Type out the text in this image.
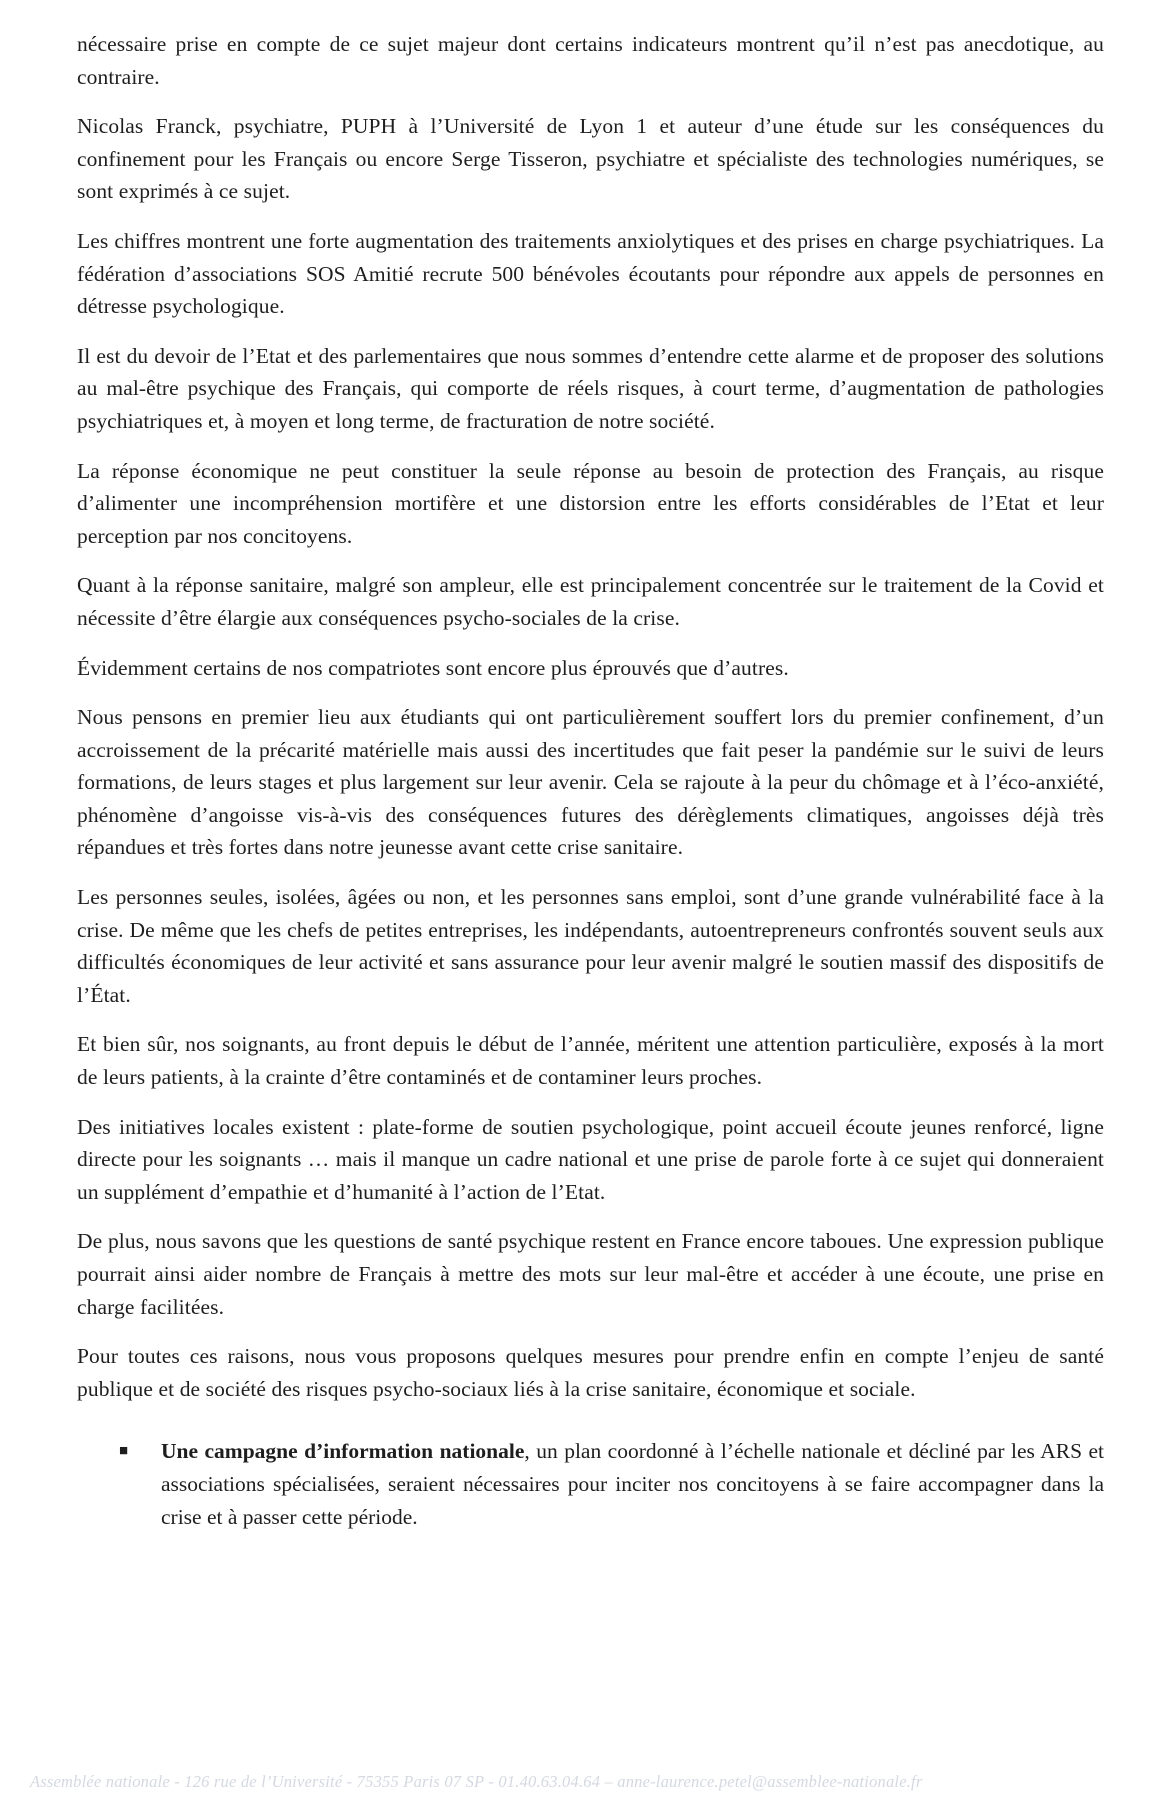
nécessaire prise en compte de ce sujet majeur dont certains indicateurs montrent qu’il n’est pas anecdotique, au contraire.

Nicolas Franck, psychiatre, PUPH à l’Université de Lyon 1 et auteur d’une étude sur les conséquences du confinement pour les Français ou encore Serge Tisseron, psychiatre et spécialiste des technologies numériques, se sont exprimés à ce sujet.

Les chiffres montrent une forte augmentation des traitements anxiolytiques et des prises en charge psychiatriques. La fédération d’associations SOS Amitié recrute 500 bénévoles écoutants pour répondre aux appels de personnes en détresse psychologique.

Il est du devoir de l’Etat et des parlementaires que nous sommes d’entendre cette alarme et de proposer des solutions au mal-être psychique des Français, qui comporte de réels risques, à court terme, d’augmentation de pathologies psychiatriques et, à moyen et long terme, de fracturation de notre société.

La réponse économique ne peut constituer la seule réponse au besoin de protection des Français, au risque d’alimenter une incompréhension mortifère et une distorsion entre les efforts considérables de l’Etat et leur perception par nos concitoyens.

Quant à la réponse sanitaire, malgré son ampleur, elle est principalement concentrée sur le traitement de la Covid et nécessite d’être élargie aux conséquences psycho-sociales de la crise.

Évidemment certains de nos compatriotes sont encore plus éprouvés que d’autres.

Nous pensons en premier lieu aux étudiants qui ont particulièrement souffert lors du premier confinement, d’un accroissement de la précarité matérielle mais aussi des incertitudes que fait peser la pandémie sur le suivi de leurs formations, de leurs stages et plus largement sur leur avenir. Cela se rajoute à la peur du chômage et à l’éco-anxiété, phénomène d’angoisse vis-à-vis des conséquences futures des dérèglements climatiques, angoisses déjà très répandues et très fortes dans notre jeunesse avant cette crise sanitaire.

Les personnes seules, isolées, âgées ou non, et les personnes sans emploi, sont d’une grande vulnérabilité face à la crise. De même que les chefs de petites entreprises, les indépendants, autoentrepreneurs confrontés souvent seuls aux difficultés économiques de leur activité et sans assurance pour leur avenir malgré le soutien massif des dispositifs de l’État.

Et bien sûr, nos soignants, au front depuis le début de l’année, méritent une attention particulière, exposés à la mort de leurs patients, à la crainte d’être contaminés et de contaminer leurs proches.

Des initiatives locales existent : plate-forme de soutien psychologique, point accueil écoute jeunes renforcé, ligne directe pour les soignants … mais il manque un cadre national et une prise de parole forte à ce sujet qui donneraient un supplément d’empathie et d’humanité à l’action de l’Etat.

De plus, nous savons que les questions de santé psychique restent en France encore taboues. Une expression publique pourrait ainsi aider nombre de Français à mettre des mots sur leur mal-être et accéder à une écoute, une prise en charge facilitées.

Pour toutes ces raisons, nous vous proposons quelques mesures pour prendre enfin en compte l’enjeu de santé publique et de société des risques psycho-sociaux liés à la crise sanitaire, économique et sociale.

■ Une campagne d’information nationale, un plan coordonné à l’échelle nationale et décliné par les ARS et associations spécialisées, seraient nécessaires pour inciter nos concitoyens à se faire accompagner dans la crise et à passer cette période.
Assemblée nationale - 126 rue de l’Université - 75355 Paris 07 SP - 01.40.63.04.64 – anne-laurence.petel@assemblee-nationale.fr
